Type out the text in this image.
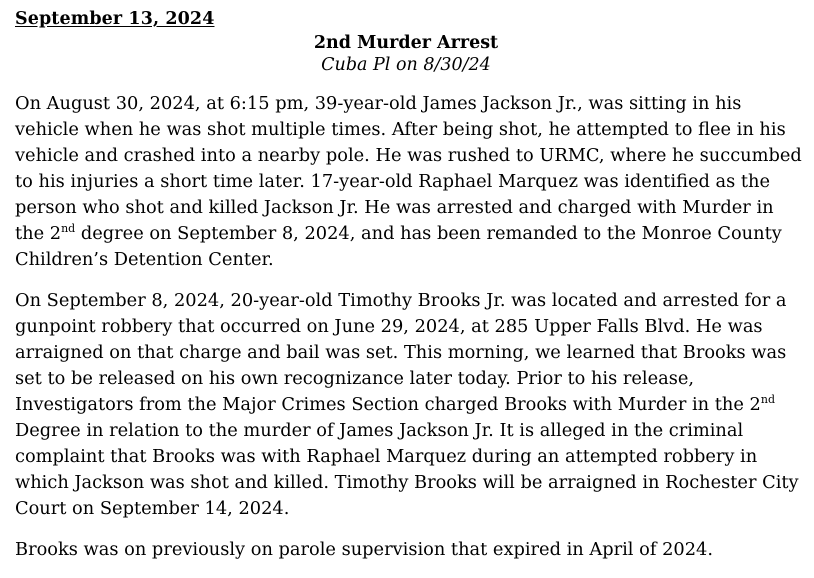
September 13, 2024
2nd Murder Arrest
Cuba Pl on 8/30/24

On August 30, 2024, at 6:15 pm, 39-year-old James Jackson Jr., was sitting in his vehicle when he was shot multiple times. After being shot, he attempted to flee in his vehicle and crashed into a nearby pole. He was rushed to URMC, where he succumbed to his injuries a short time later. 17-year-old Raphael Marquez was identified as the person who shot and killed Jackson Jr. He was arrested and charged with Murder in the 2nd degree on September 8, 2024, and has been remanded to the Monroe County Children’s Detention Center.

On September 8, 2024, 20-year-old Timothy Brooks Jr. was located and arrested for a gunpoint robbery that occurred on June 29, 2024, at 285 Upper Falls Blvd. He was arraigned on that charge and bail was set. This morning, we learned that Brooks was set to be released on his own recognizance later today. Prior to his release, Investigators from the Major Crimes Section charged Brooks with Murder in the 2nd Degree in relation to the murder of James Jackson Jr. It is alleged in the criminal complaint that Brooks was with Raphael Marquez during an attempted robbery in which Jackson was shot and killed. Timothy Brooks will be arraigned in Rochester City Court on September 14, 2024.

Brooks was on previously on parole supervision that expired in April of 2024.
